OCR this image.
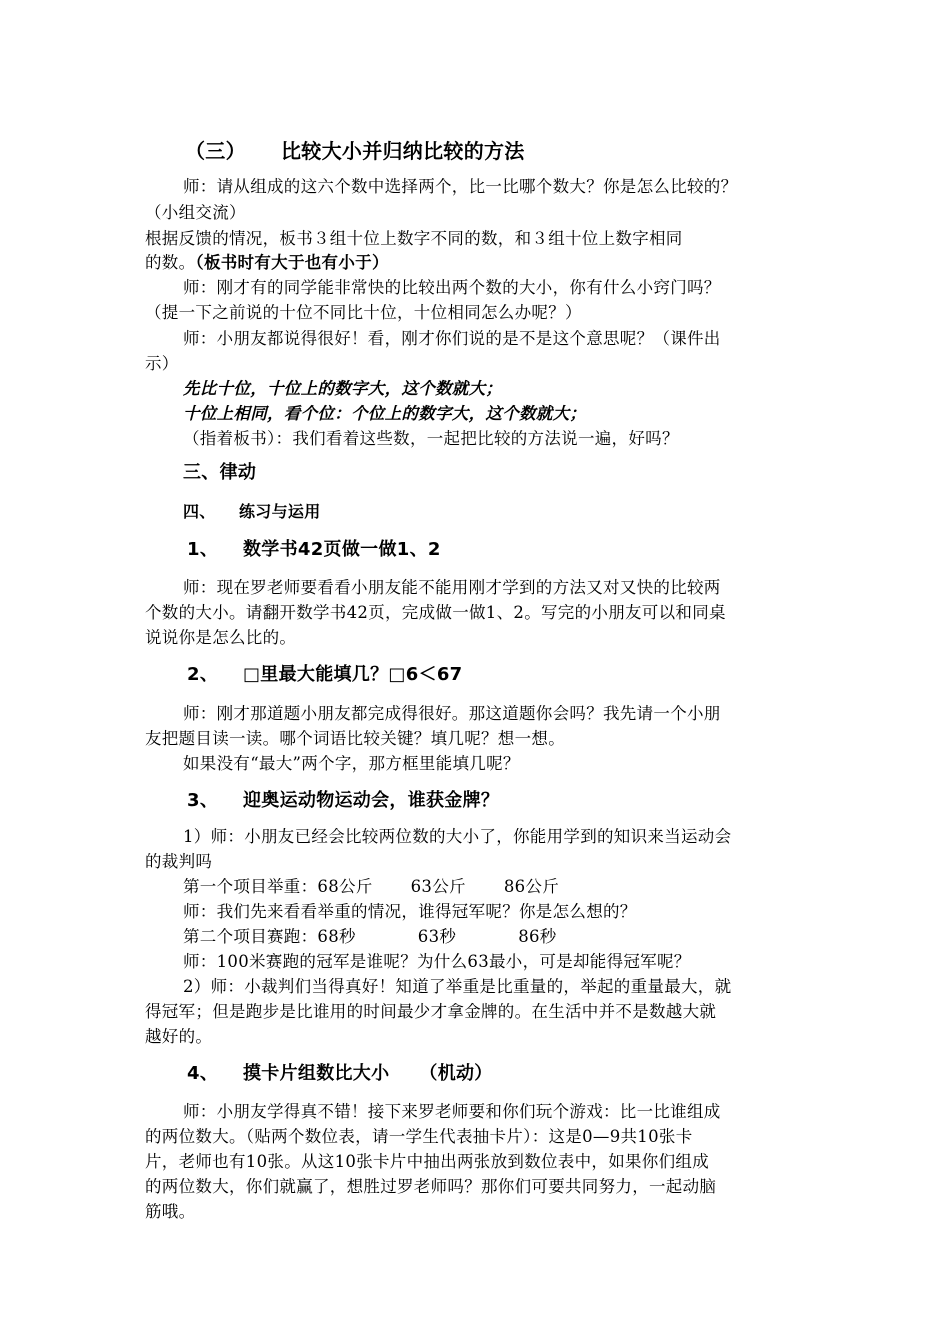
（三） 比较大小并归纳比较的方法
师：请从组成的这六个数中选择两个，比一比哪个数大？你是怎么比较的？
（小组交流）
根据反馈的情况，板书３组十位上数字不同的数，和３组十位上数字相同
的数。（板书时有大于也有小于）
师：刚才有的同学能非常快的比较出两个数的大小，你有什么小窍门吗？
（提一下之前说的十位不同比十位，十位相同怎么办呢？）
师：小朋友都说得很好！看，刚才你们说的是不是这个意思呢？（课件出
示）
先比十位，十位上的数字大，这个数就大；
十位上相同，看个位：个位上的数字大，这个数就大；
（指着板书）：我们看着这些数，一起把比较的方法说一遍，好吗？
三、律动
四、 练习与运用
1、 数学书42页做一做1、2
师：现在罗老师要看看小朋友能不能用刚才学到的方法又对又快的比较两
个数的大小。请翻开数学书42页，完成做一做1、2。写完的小朋友可以和同桌
说说你是怎么比的。
2、 □里最大能填几？□6＜67
师：刚才那道题小朋友都完成得很好。那这道题你会吗？我先请一个小朋
友把题目读一读。哪个词语比较关键？填几呢？想一想。
如果没有“最大”两个字，那方框里能填几呢？
3、 迎奥运动物运动会，谁获金牌？
1）师：小朋友已经会比较两位数的大小了，你能用学到的知识来当运动会
的裁判吗
第一个项目举重：68公斤 63公斤 86公斤
师：我们先来看看举重的情况，谁得冠军呢？你是怎么想的？
第二个项目赛跑：68秒	63秒	86秒
师：100米赛跑的冠军是谁呢？为什么63最小，可是却能得冠军呢？
2）师：小裁判们当得真好！知道了举重是比重量的，举起的重量最大，就
得冠军；但是跑步是比谁用的时间最少才拿金牌的。在生活中并不是数越大就
越好的。
4、 摸卡片组数比大小 （机动）
师：小朋友学得真不错！接下来罗老师要和你们玩个游戏：比一比谁组成
的两位数大。（贴两个数位表，请一学生代表抽卡片）：这是0—9共10张卡
片，老师也有10张。从这10张卡片中抽出两张放到数位表中，如果你们组成
的两位数大，你们就赢了，想胜过罗老师吗？那你们可要共同努力，一起动脑
筋哦。
